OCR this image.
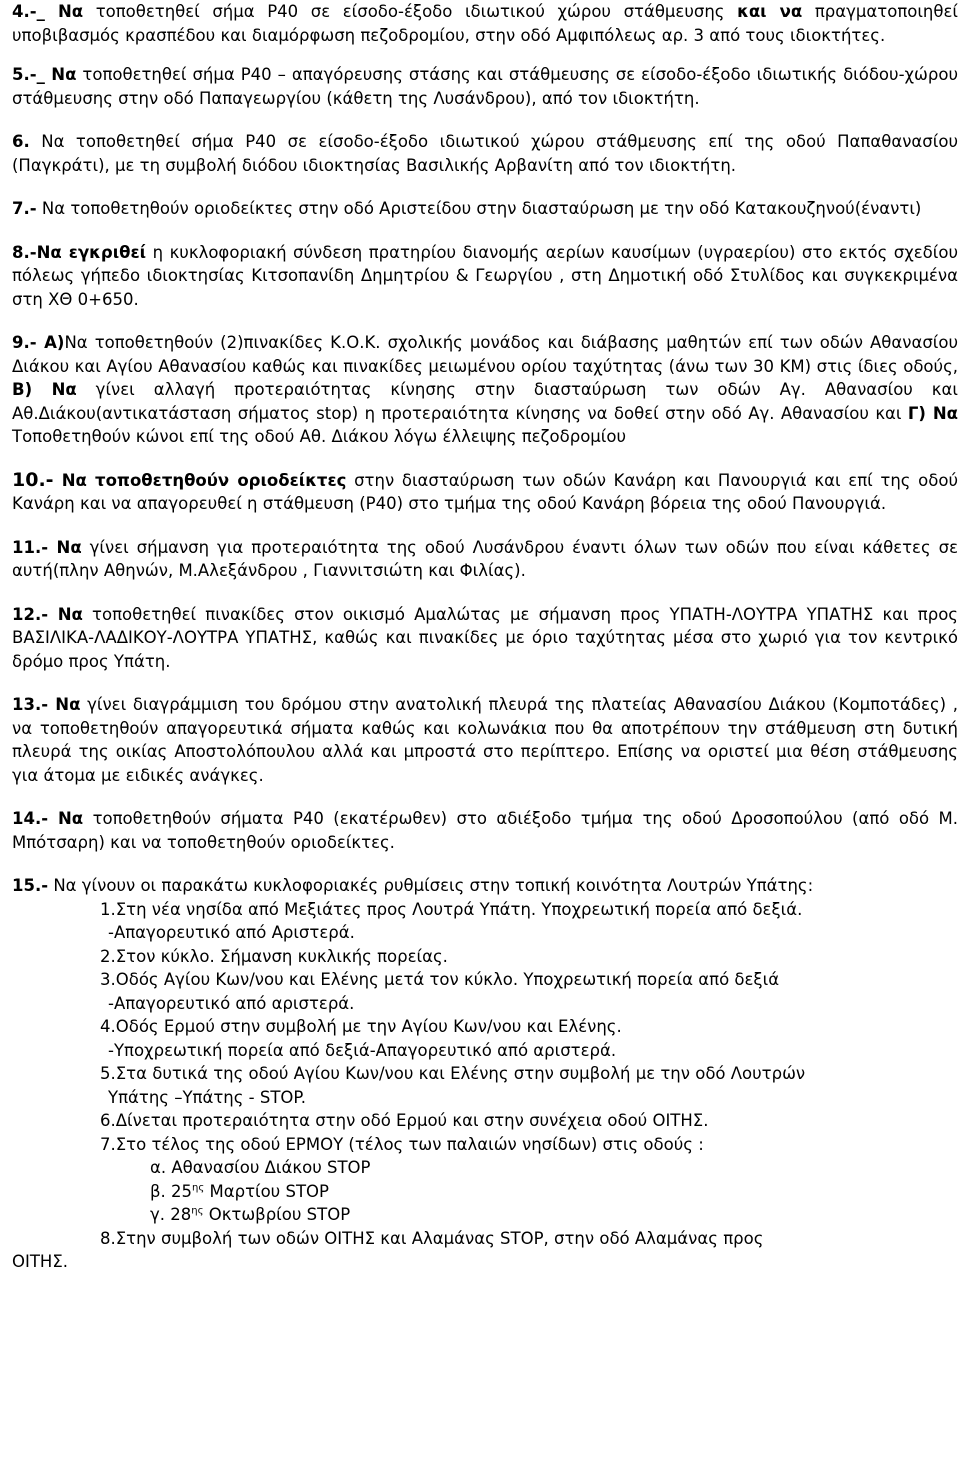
4.-_ Να τοποθετηθεί σήμα Ρ40 σε είσοδο-έξοδο ιδιωτικού χώρου στάθμευσης και να πραγματοποιηθεί υποβιβασμός κρασπέδου και διαμόρφωση πεζοδρομίου, στην οδό Αμφιπόλεως αρ. 3 από τους ιδιοκτήτες.

5.-_ Να τοποθετηθεί σήμα Ρ40 – απαγόρευσης στάσης και στάθμευσης σε είσοδο-έξοδο ιδιωτικής διόδου-χώρου στάθμευσης στην οδό Παπαγεωργίου (κάθετη της Λυσάνδρου), από τον ιδιοκτήτη.

6. Να τοποθετηθεί σήμα Ρ40 σε είσοδο-έξοδο ιδιωτικού χώρου στάθμευσης επί της οδού Παπαθανασίου (Παγκράτι), με τη συμβολή διόδου ιδιοκτησίας Βασιλικής Αρβανίτη από τον ιδιοκτήτη.

7.- Να τοποθετηθούν οριοδείκτες στην οδό Αριστείδου στην διασταύρωση με την οδό Κατακουζηνού(έναντι)

8.-Να εγκριθεί η κυκλοφοριακή σύνδεση πρατηρίου διανομής αερίων καυσίμων (υγραερίου) στο εκτός σχεδίου πόλεως γήπεδο ιδιοκτησίας Κιτσοπανίδη Δημητρίου & Γεωργίου , στη Δημοτική οδό Στυλίδος και συγκεκριμένα στη ΧΘ 0+650.

9.- Α)Να τοποθετηθούν (2)πινακίδες Κ.Ο.Κ. σχολικής μονάδος και διάβασης μαθητών επί των οδών Αθανασίου Διάκου και Αγίου Αθανασίου καθώς και πινακίδες μειωμένου ορίου ταχύτητας (άνω των 30 ΚΜ) στις ίδιες οδούς, Β) Να γίνει αλλαγή προτεραιότητας κίνησης στην διασταύρωση των οδών Αγ. Αθανασίου και Αθ.Διάκου(αντικατάσταση σήματος stop) η προτεραιότητα κίνησης να δοθεί στην οδό Αγ. Αθανασίου και Γ) Να Τοποθετηθούν κώνοι επί της οδού Αθ. Διάκου λόγω έλλειψης πεζοδρομίου

10.- Να τοποθετηθούν οριοδείκτες στην διασταύρωση των οδών Κανάρη και Πανουργιά και επί της οδού Κανάρη και να απαγορευθεί η στάθμευση (Ρ40) στο τμήμα της οδού Κανάρη βόρεια της οδού Πανουργιά.

11.- Να γίνει σήμανση για προτεραιότητα της οδού Λυσάνδρου έναντι όλων των οδών που είναι κάθετες σε αυτή(πλην Αθηνών, Μ.Αλεξάνδρου , Γιαννιτσιώτη και Φιλίας).

12.- Να τοποθετηθεί πινακίδες στον οικισμό Αμαλώτας με σήμανση προς ΥΠΑΤΗ-ΛΟΥΤΡΑ ΥΠΑΤΗΣ και προς ΒΑΣΙΛΙΚΑ-ΛΑΔΙΚΟΥ-ΛΟΥΤΡΑ ΥΠΑΤΗΣ, καθώς και πινακίδες με όριο ταχύτητας μέσα στο χωριό για τον κεντρικό δρόμο προς Υπάτη.

13.- Να γίνει διαγράμμιση του δρόμου στην ανατολική πλευρά της πλατείας Αθανασίου Διάκου (Κομποτάδες) , να τοποθετηθούν απαγορευτικά σήματα καθώς και κολωνάκια που θα αποτρέπουν την στάθμευση στη δυτική πλευρά της οικίας Αποστολόπουλου αλλά και μπροστά στο περίπτερο. Επίσης να οριστεί μια θέση στάθμευσης για άτομα με ειδικές ανάγκες.

14.- Να τοποθετηθούν σήματα Ρ40 (εκατέρωθεν) στο αδιέξοδο τμήμα της οδού Δροσοπούλου (από οδό Μ. Μπότσαρη) και να τοποθετηθούν οριοδείκτες.

15.- Να γίνουν οι παρακάτω κυκλοφοριακές ρυθμίσεις στην τοπική κοινότητα Λουτρών Υπάτης:

1.Στη νέα νησίδα από Μεξιάτες προς Λουτρά Υπάτη. Υποχρεωτική πορεία από δεξιά.
-Απαγορευτικό από Αριστερά.
2.Στον κύκλο. Σήμανση κυκλικής πορείας.
3.Οδός Αγίου Κων/νου και Ελένης μετά τον κύκλο. Υποχρεωτική πορεία από δεξιά
-Απαγορευτικό από αριστερά.
4.Οδός Ερμού στην συμβολή με την Αγίου Κων/νου και Ελένης.
-Υποχρεωτική πορεία από δεξιά-Απαγορευτικό από αριστερά.
5.Στα δυτικά της οδού Αγίου Κων/νου και Ελένης στην συμβολή με την οδό Λουτρών
Υπάτης –Υπάτης - STOP.
6.Δίνεται προτεραιότητα στην οδό Ερμού και στην συνέχεια οδού ΟΙΤΗΣ.
7.Στο τέλος της οδού ΕΡΜΟΥ (τέλος των παλαιών νησίδων) στις οδούς :
α. Αθανασίου Διάκου STOP
β. $25^{\eta\varsigma}$ Μαρτίου STOP
γ. $28^{\eta\varsigma}$ Οκτωβρίου STOP
8.Στην συμβολή των οδών ΟΙΤΗΣ και Αλαμάνας STOP, στην οδό Αλαμάνας προς
ΟΙΤΗΣ.
